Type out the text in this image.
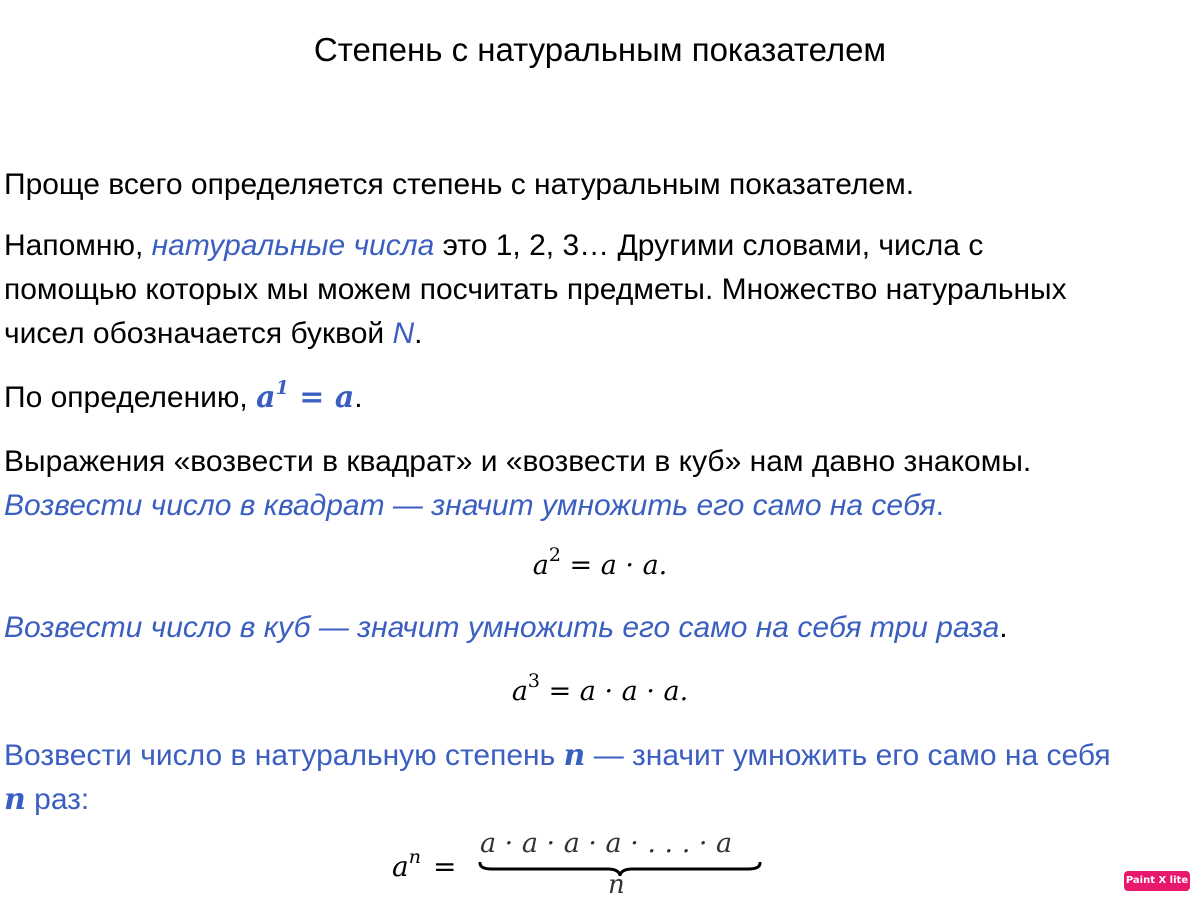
Степень с натуральным показателем
Проще всего определяется степень с натуральным показателем.
Напомню, натуральные числа это 1, 2, 3… Другими словами, числа с
помощью которых мы можем посчитать предметы. Множество натуральных
чисел обозначается буквой N.
По определению, $a^1 = a$.
Выражения «возвести в квадрат» и «возвести в куб» нам давно знакомы.
Возвести число в квадрат — значит умножить его само на себя.
$a^2 = a \cdot a$.
Возвести число в куб — значит умножить его само на себя три раза.
$a^3 = a \cdot a \cdot a$.
Возвести число в натуральную степень n — значит умножить его само на себя
n раз:
$a^n$ =
a · a · a · a · . . . · a
n	Paint X lite
